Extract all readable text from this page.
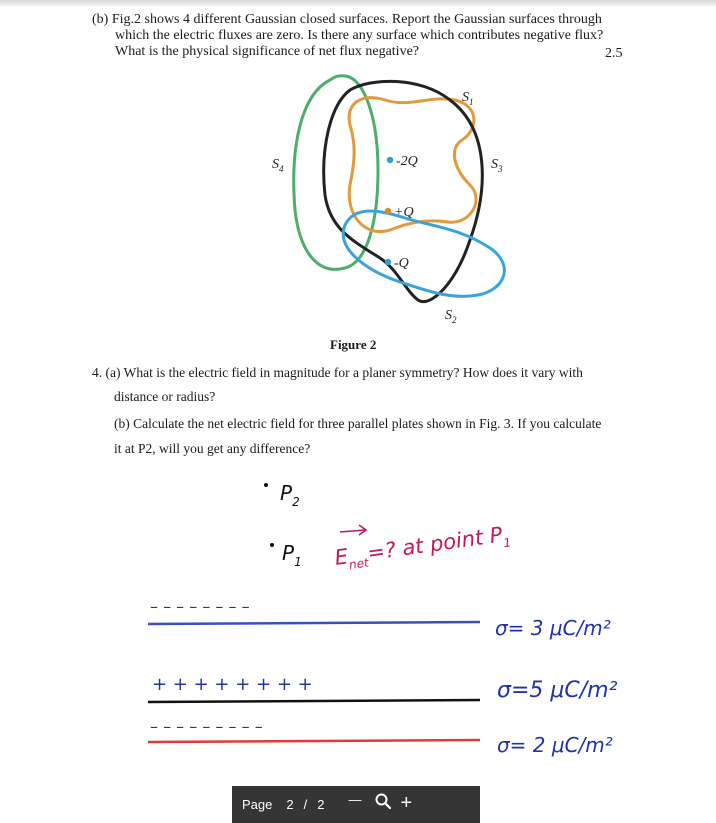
(b) Fig.2 shows 4 different Gaussian closed surfaces. Report the Gaussian surfaces through
which the electric fluxes are zero. Is there any surface which contributes negative flux?
What is the physical significance of net flux negative?	2.5
-2Q
+Q
-Q
$S_1$
$S_3$
$S_4$
$S_2$
Figure 2
4. (a) What is the electric field in magnitude for a planer symmetry? How does it vary with
distance or radius?
(b) Calculate the net electric field for three parallel plates shown in Fig. 3. If you calculate
it at P2, will you get any difference?
$P_2$
$P_1$ $E_{net}=$? at point $P_1$
– – – – – – – –
σ= 3 μC/m²
+ + + + + + + +	σ=5 μC/m²
– – – – – – – – –
σ= 2 μC/m²
Page 2 / 2 —	+
